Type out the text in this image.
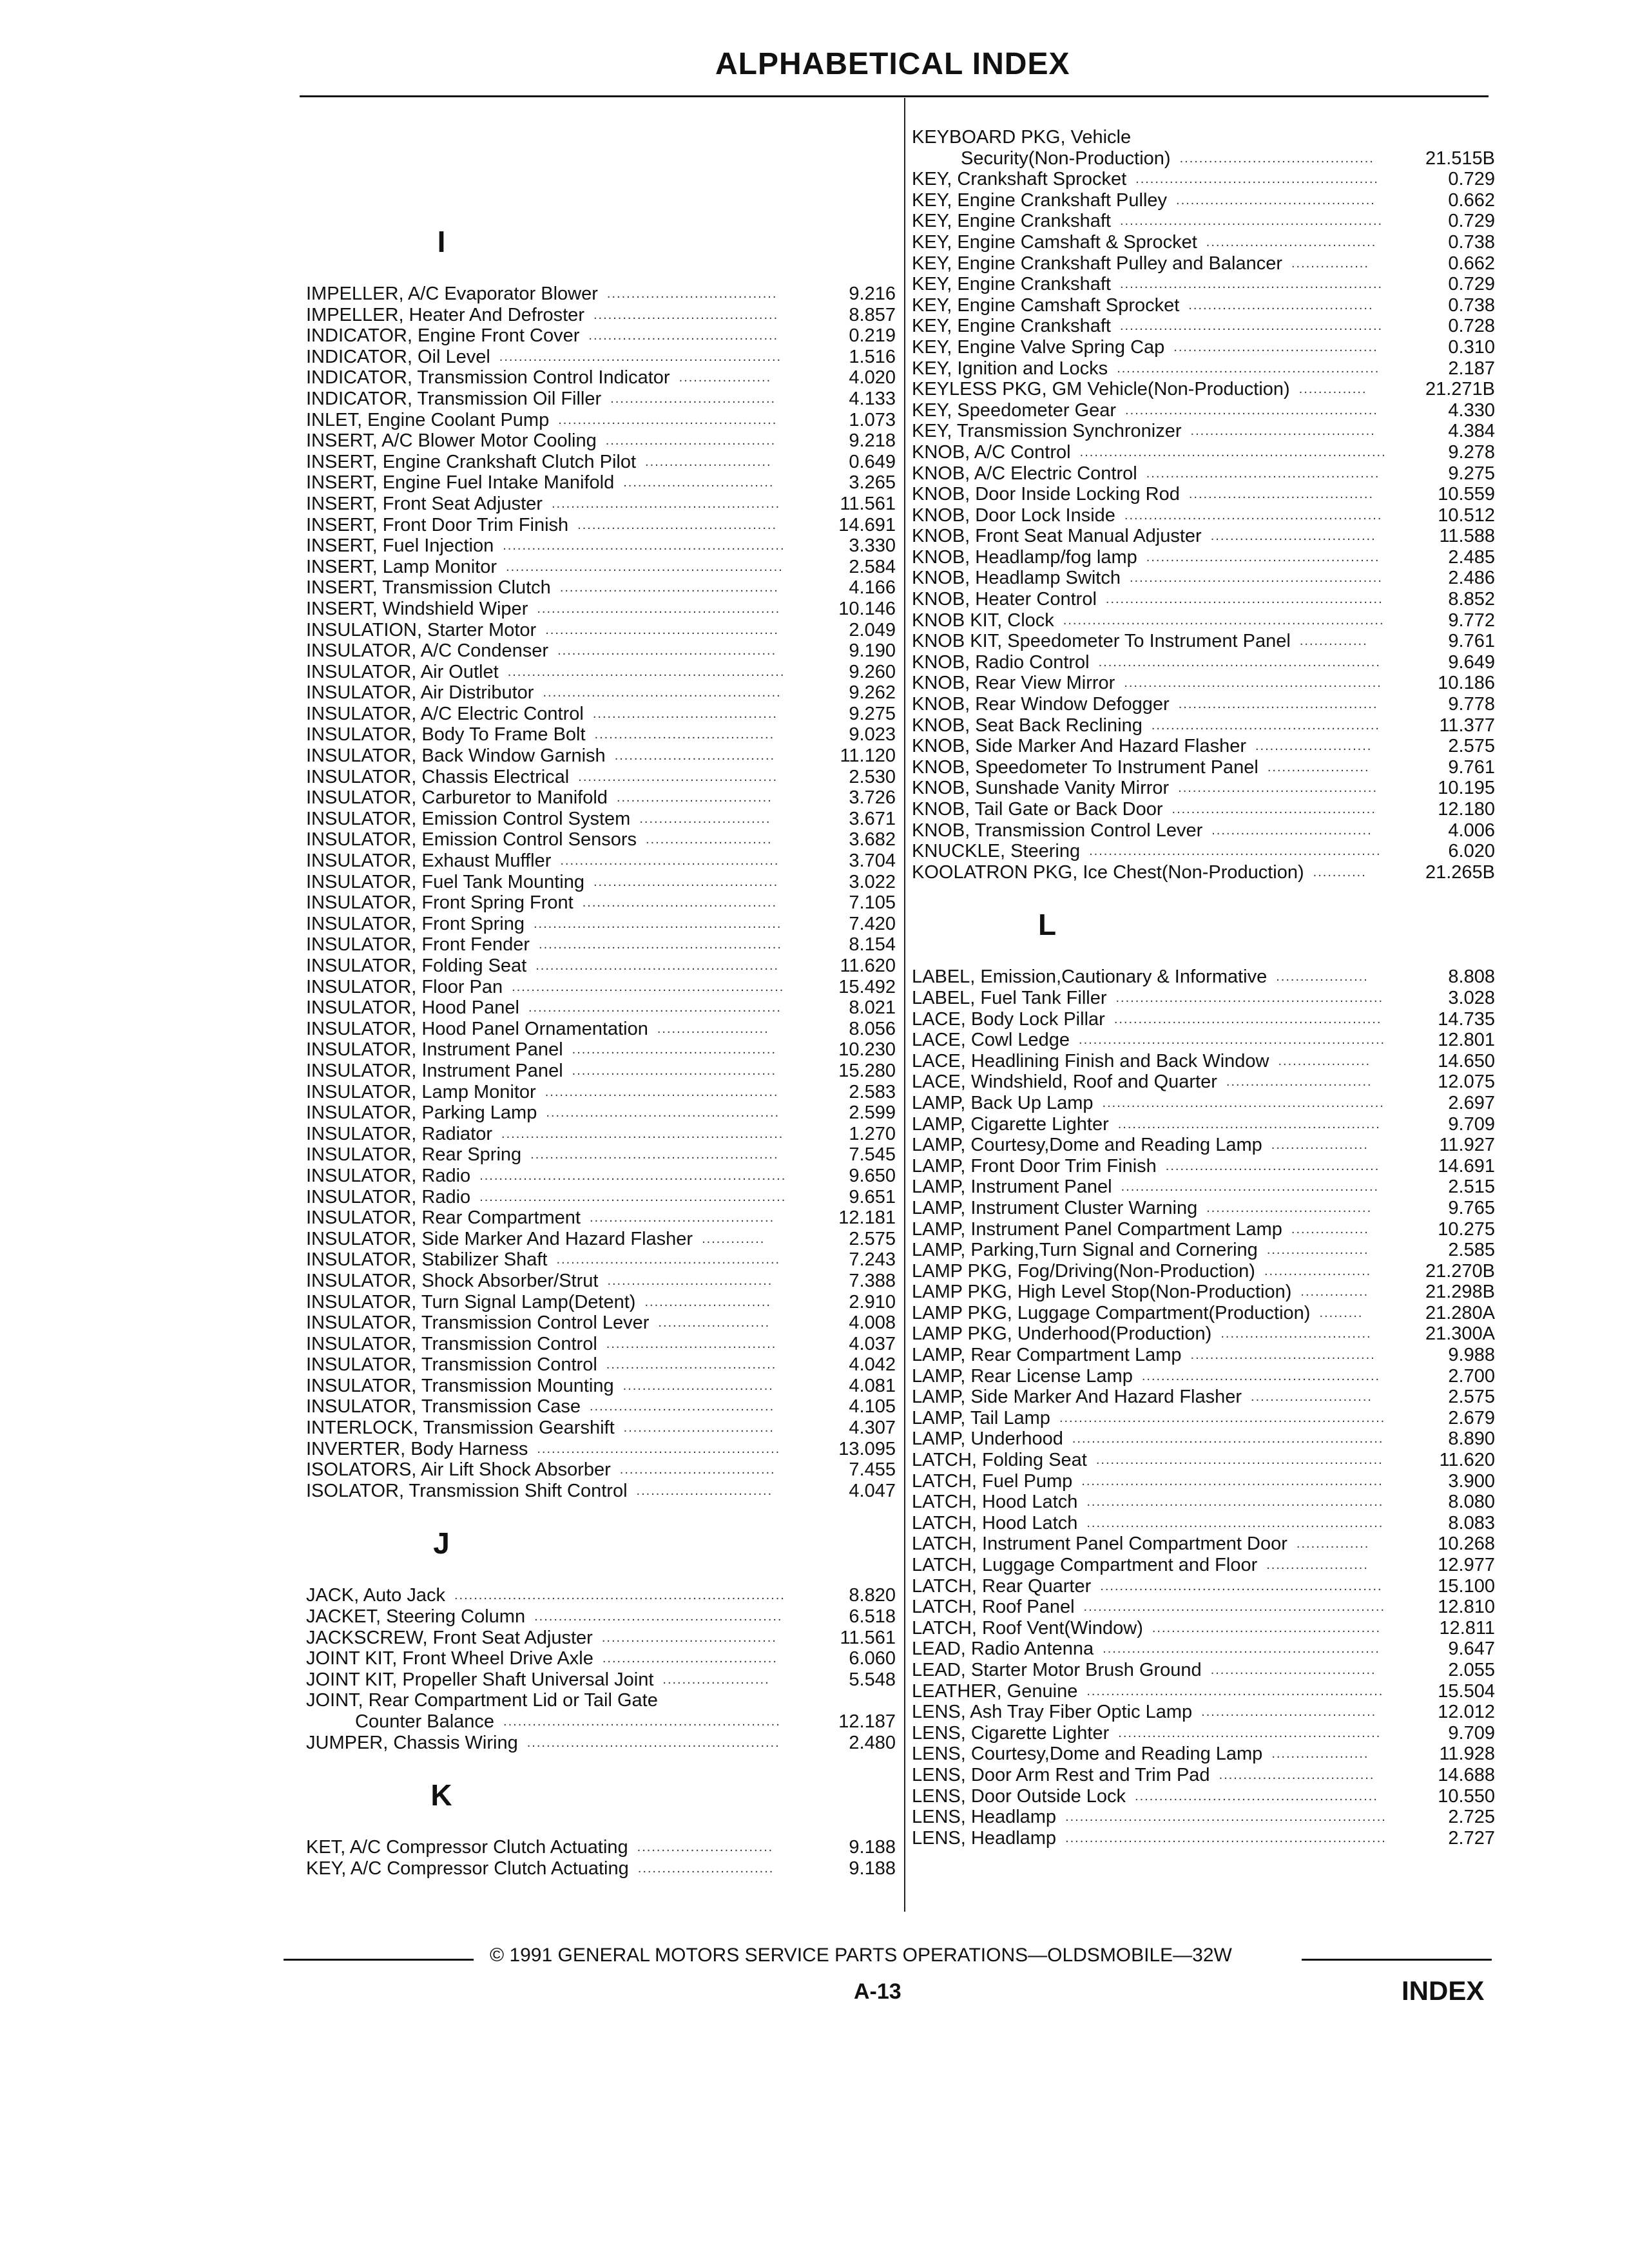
ALPHABETICAL INDEX
I
IMPELLER, A/C Evaporator Blower ...................................	9.216
IMPELLER, Heater And Defroster ......................................	8.857
INDICATOR, Engine Front Cover .......................................	0.219
INDICATOR, Oil Level ..........................................................	1.516
INDICATOR, Transmission Control Indicator ...................	4.020
INDICATOR, Transmission Oil Filler ..................................	4.133
INLET, Engine Coolant Pump .............................................	1.073
INSERT, A/C Blower Motor Cooling ...................................	9.218
INSERT, Engine Crankshaft Clutch Pilot ..........................	0.649
INSERT, Engine Fuel Intake Manifold ...............................	3.265
INSERT, Front Seat Adjuster ...............................................	11.561
INSERT, Front Door Trim Finish .........................................	14.691
INSERT, Fuel Injection ..........................................................	3.330
INSERT, Lamp Monitor .........................................................	2.584
INSERT, Transmission Clutch .............................................	4.166
INSERT, Windshield Wiper ..................................................	10.146
INSULATION, Starter Motor ................................................	2.049
INSULATOR, A/C Condenser .............................................	9.190
INSULATOR, Air Outlet .........................................................	9.260
INSULATOR, Air Distributor .................................................	9.262
INSULATOR, A/C Electric Control ......................................	9.275
INSULATOR, Body To Frame Bolt .....................................	9.023
INSULATOR, Back Window Garnish .................................	11.120
INSULATOR, Chassis Electrical .........................................	2.530
INSULATOR, Carburetor to Manifold ................................	3.726
INSULATOR, Emission Control System ...........................	3.671
INSULATOR, Emission Control Sensors ..........................	3.682
INSULATOR, Exhaust Muffler .............................................	3.704
INSULATOR, Fuel Tank Mounting ......................................	3.022
INSULATOR, Front Spring Front ........................................	7.105
INSULATOR, Front Spring ...................................................	7.420
INSULATOR, Front Fender ..................................................	8.154
INSULATOR, Folding Seat ..................................................	11.620
INSULATOR, Floor Pan ........................................................	15.492
INSULATOR, Hood Panel ....................................................	8.021
INSULATOR, Hood Panel Ornamentation .......................	8.056
INSULATOR, Instrument Panel ..........................................	10.230
INSULATOR, Instrument Panel ..........................................	15.280
INSULATOR, Lamp Monitor ................................................	2.583
INSULATOR, Parking Lamp ................................................	2.599
INSULATOR, Radiator ..........................................................	1.270
INSULATOR, Rear Spring ...................................................	7.545
INSULATOR, Radio ...............................................................	9.650
INSULATOR, Radio ...............................................................	9.651
INSULATOR, Rear Compartment ......................................	12.181
INSULATOR, Side Marker And Hazard Flasher .............	2.575
INSULATOR, Stabilizer Shaft ..............................................	7.243
INSULATOR, Shock Absorber/Strut ..................................	7.388
INSULATOR, Turn Signal Lamp(Detent) ..........................	2.910
INSULATOR, Transmission Control Lever .......................	4.008
INSULATOR, Transmission Control ...................................	4.037
INSULATOR, Transmission Control ...................................	4.042
INSULATOR, Transmission Mounting ...............................	4.081
INSULATOR, Transmission Case ......................................	4.105
INTERLOCK, Transmission Gearshift ...............................	4.307
INVERTER, Body Harness ..................................................	13.095
ISOLATORS, Air Lift Shock Absorber ................................	7.455
ISOLATOR, Transmission Shift Control ............................	4.047
J
JACK, Auto Jack ....................................................................	8.820
JACKET, Steering Column ...................................................	6.518
JACKSCREW, Front Seat Adjuster ....................................	11.561
JOINT KIT, Front Wheel Drive Axle ....................................	6.060
JOINT KIT, Propeller Shaft Universal Joint ......................	5.548
JOINT, Rear Compartment Lid or Tail Gate
Counter Balance .........................................................	12.187
JUMPER, Chassis Wiring ....................................................	2.480
K
KET, A/C Compressor Clutch Actuating ............................	9.188
KEY, A/C Compressor Clutch Actuating ............................	9.188
KEYBOARD PKG, Vehicle
Security(Non-Production) ........................................	21.515B
KEY, Crankshaft Sprocket ..................................................	0.729
KEY, Engine Crankshaft Pulley .........................................	0.662
KEY, Engine Crankshaft ......................................................	0.729
KEY, Engine Camshaft & Sprocket ...................................	0.738
KEY, Engine Crankshaft Pulley and Balancer ................	0.662
KEY, Engine Crankshaft ......................................................	0.729
KEY, Engine Camshaft Sprocket ......................................	0.738
KEY, Engine Crankshaft ......................................................	0.728
KEY, Engine Valve Spring Cap ..........................................	0.310
KEY, Ignition and Locks ......................................................	2.187
KEYLESS PKG, GM Vehicle(Non-Production) ..............	21.271B
KEY, Speedometer Gear ....................................................	4.330
KEY, Transmission Synchronizer ......................................	4.384
KNOB, A/C Control ...............................................................	9.278
KNOB, A/C Electric Control ................................................	9.275
KNOB, Door Inside Locking Rod ......................................	10.559
KNOB, Door Lock Inside .....................................................	10.512
KNOB, Front Seat Manual Adjuster ..................................	11.588
KNOB, Headlamp/fog lamp ................................................	2.485
KNOB, Headlamp Switch ....................................................	2.486
KNOB, Heater Control .........................................................	8.852
KNOB KIT, Clock ..................................................................	9.772
KNOB KIT, Speedometer To Instrument Panel ..............	9.761
KNOB, Radio Control ..........................................................	9.649
KNOB, Rear View Mirror .....................................................	10.186
KNOB, Rear Window Defogger .........................................	9.778
KNOB, Seat Back Reclining ...............................................	11.377
KNOB, Side Marker And Hazard Flasher ........................	2.575
KNOB, Speedometer To Instrument Panel .....................	9.761
KNOB, Sunshade Vanity Mirror .........................................	10.195
KNOB, Tail Gate or Back Door ..........................................	12.180
KNOB, Transmission Control Lever .................................	4.006
KNUCKLE, Steering ............................................................	6.020
KOOLATRON PKG, Ice Chest(Non-Production) ...........	21.265B
L
LABEL, Emission,Cautionary & Informative ...................	8.808
LABEL, Fuel Tank Filler .......................................................	3.028
LACE, Body Lock Pillar .......................................................	14.735
LACE, Cowl Ledge ...............................................................	12.801
LACE, Headlining Finish and Back Window ...................	14.650
LACE, Windshield, Roof and Quarter ..............................	12.075
LAMP, Back Up Lamp ..........................................................	2.697
LAMP, Cigarette Lighter ......................................................	9.709
LAMP, Courtesy,Dome and Reading Lamp ....................	11.927
LAMP, Front Door Trim Finish ............................................	14.691
LAMP, Instrument Panel .....................................................	2.515
LAMP, Instrument Cluster Warning ..................................	9.765
LAMP, Instrument Panel Compartment Lamp ................	10.275
LAMP, Parking,Turn Signal and Cornering .....................	2.585
LAMP PKG, Fog/Driving(Non-Production) ......................	21.270B
LAMP PKG, High Level Stop(Non-Production) ..............	21.298B
LAMP PKG, Luggage Compartment(Production) .........	21.280A
LAMP PKG, Underhood(Production) ...............................	21.300A
LAMP, Rear Compartment Lamp ......................................	9.988
LAMP, Rear License Lamp .................................................	2.700
LAMP, Side Marker And Hazard Flasher .........................	2.575
LAMP, Tail Lamp ...................................................................	2.679
LAMP, Underhood ................................................................	8.890
LATCH, Folding Seat ...........................................................	11.620
LATCH, Fuel Pump ..............................................................	3.900
LATCH, Hood Latch .............................................................	8.080
LATCH, Hood Latch .............................................................	8.083
LATCH, Instrument Panel Compartment Door ...............	10.268
LATCH, Luggage Compartment and Floor .....................	12.977
LATCH, Rear Quarter ..........................................................	15.100
LATCH, Roof Panel ..............................................................	12.810
LATCH, Roof Vent(Window) ...............................................	12.811
LEAD, Radio Antenna .........................................................	9.647
LEAD, Starter Motor Brush Ground ..................................	2.055
LEATHER, Genuine .............................................................	15.504
LENS, Ash Tray Fiber Optic Lamp ....................................	12.012
LENS, Cigarette Lighter ......................................................	9.709
LENS, Courtesy,Dome and Reading Lamp ....................	11.928
LENS, Door Arm Rest and Trim Pad ................................	14.688
LENS, Door Outside Lock ..................................................	10.550
LENS, Headlamp ..................................................................	2.725
LENS, Headlamp ..................................................................	2.727
© 1991 GENERAL MOTORS SERVICE PARTS OPERATIONS—OLDSMOBILE—32W
A-13	INDEX
